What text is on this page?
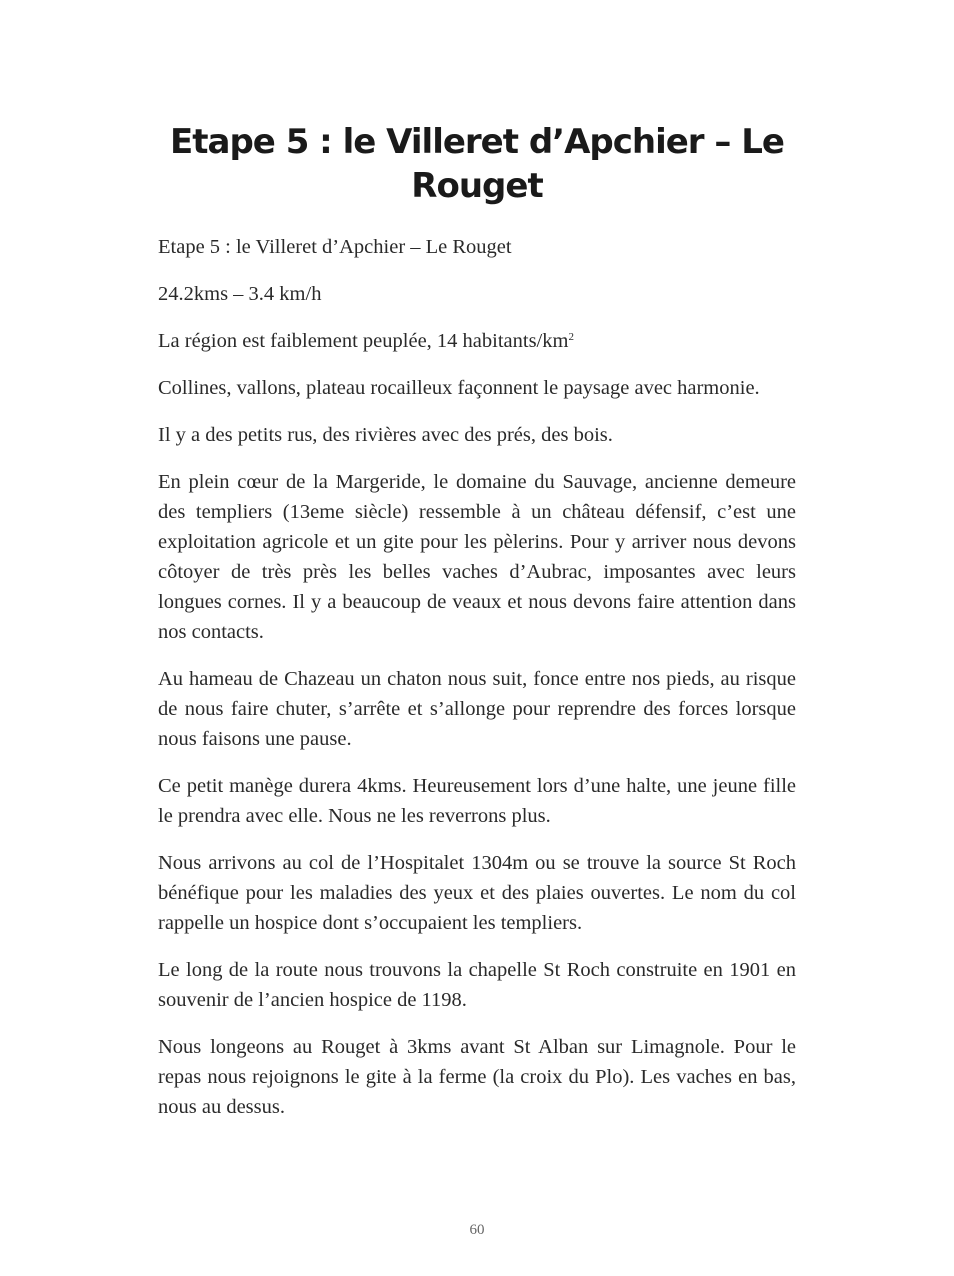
Etape 5 : le Villeret d’Apchier – Le Rouget

Etape 5 : le Villeret d’Apchier – Le Rouget

24.2kms – 3.4 km/h

La région est faiblement peuplée, 14 habitants/$km^2$

Collines, vallons, plateau rocailleux façonnent le paysage avec harmonie.

Il y a des petits rus, des rivières avec des prés, des bois.

En plein cœur de la Margeride, le domaine du Sauvage, ancienne demeure des templiers (13eme siècle) ressemble à un château défensif, c’est une exploitation agricole et un gite pour les pèlerins. Pour y arriver nous devons côtoyer de très près les belles vaches d’Aubrac, imposantes avec leurs longues cornes. Il y a beaucoup de veaux et nous devons faire attention dans nos contacts.

Au hameau de Chazeau un chaton nous suit, fonce entre nos pieds, au risque de nous faire chuter, s’arrête et s’allonge pour reprendre des forces lorsque nous faisons une pause.

Ce petit manège durera 4kms. Heureusement lors d’une halte, une jeune fille le prendra avec elle. Nous ne les reverrons plus.

Nous arrivons au col de l’Hospitalet 1304m ou se trouve la source St Roch bénéfique pour les maladies des yeux et des plaies ouvertes. Le nom du col rappelle un hospice dont s’occupaient les templiers.

Le long de la route nous trouvons la chapelle St Roch construite en 1901 en souvenir de l’ancien hospice de 1198.

Nous longeons au Rouget à 3kms avant St Alban sur Limagnole. Pour le repas nous rejoignons le gite à la ferme (la croix du Plo). Les vaches en bas, nous au dessus.

60
